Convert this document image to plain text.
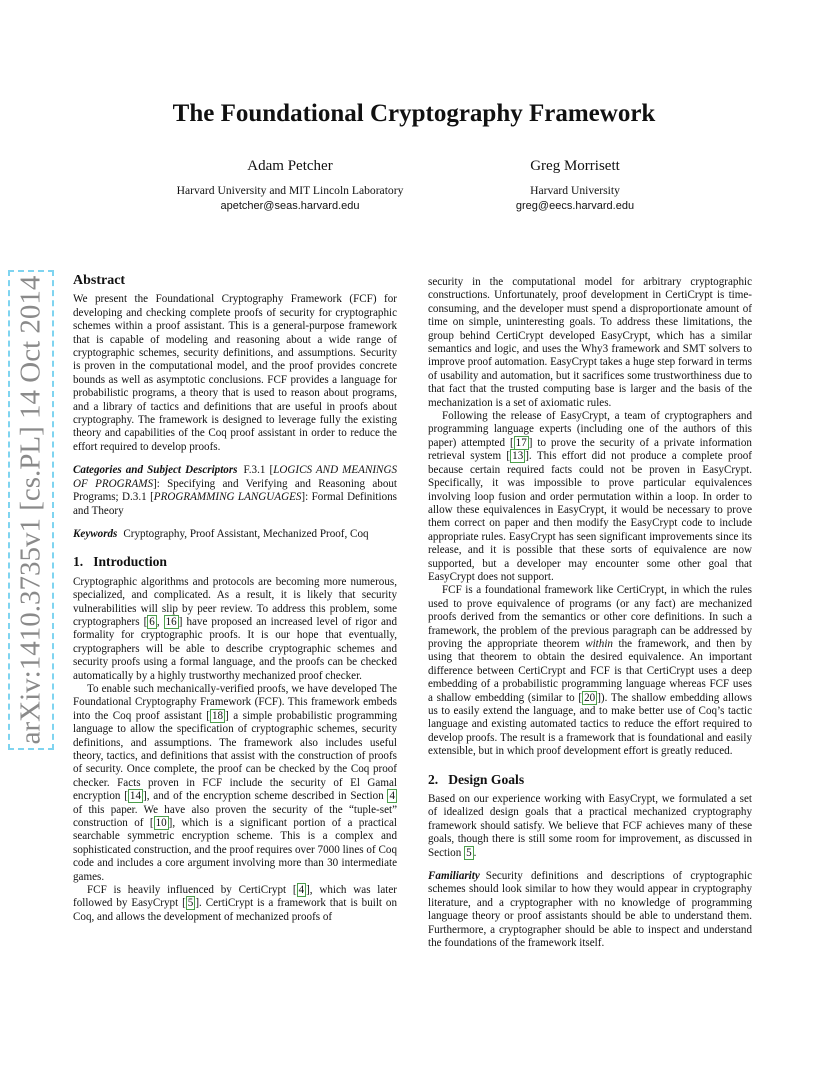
The Foundational Cryptography Framework
Adam Petcher
Harvard University and MIT Lincoln Laboratory
apetcher@seas.harvard.edu
Greg Morrisett
Harvard University
greg@eecs.harvard.edu
arXiv:1410.3735v1 [cs.PL] 14 Oct 2014 Abstract

We present the Foundational Cryptography Framework (FCF) for developing and checking complete proofs of security for cryptographic schemes within a proof assistant. This is a general-purpose framework that is capable of modeling and reasoning about a wide range of cryptographic schemes, security definitions, and assumptions. Security is proven in the computational model, and the proof provides concrete bounds as well as asymptotic conclusions. FCF provides a language for probabilistic programs, a theory that is used to reason about programs, and a library of tactics and definitions that are useful in proofs about cryptography. The framework is designed to leverage fully the existing theory and capabilities of the Coq proof assistant in order to reduce the effort required to develop proofs.

Categories and Subject Descriptors F.3.1 [LOGICS AND MEANINGS OF PROGRAMS]: Specifying and Verifying and Reasoning about Programs; D.3.1 [PROGRAMMING LANGUAGES]: Formal Definitions and Theory

Keywords Cryptography, Proof Assistant, Mechanized Proof, Coq

1. Introduction

Cryptographic algorithms and protocols are becoming more numerous, specialized, and complicated. As a result, it is likely that security vulnerabilities will slip by peer review. To address this problem, some cryptographers [ 6 , 16 ] have proposed an increased level of rigor and formality for cryptographic proofs. It is our hope that eventually, cryptographers will be able to describe cryptographic schemes and security proofs using a formal language, and the proofs can be checked automatically by a highly trustworthy mechanized proof checker.

To enable such mechanically-verified proofs, we have developed The Foundational Cryptography Framework (FCF). This framework embeds into the Coq proof assistant [ 18 ] a simple probabilistic programming language to allow the specification of cryptographic schemes, security definitions, and assumptions. The framework also includes useful theory, tactics, and definitions that assist with the construction of proofs of security. Once complete, the proof can be checked by the Coq proof checker. Facts proven in FCF include the security of El Gamal encryption [ 14 ], and of the encryption scheme described in Section 4 of this paper. We have also proven the security of the “tuple-set” construction of [ 10 ], which is a significant portion of a practical searchable symmetric encryption scheme. This is a complex and sophisticated construction, and the proof requires over 7000 lines of Coq code and includes a core argument involving more than 30 intermediate games.

FCF is heavily influenced by CertiCrypt [ 4 ], which was later followed by EasyCrypt [ 5 ]. CertiCrypt is a framework that is built on Coq, and allows the development of mechanized proofs of

security in the computational model for arbitrary cryptographic constructions. Unfortunately, proof development in CertiCrypt is time-consuming, and the developer must spend a disproportionate amount of time on simple, uninteresting goals. To address these limitations, the group behind CertiCrypt developed EasyCrypt, which has a similar semantics and logic, and uses the Why3 framework and SMT solvers to improve proof automation. EasyCrypt takes a huge step forward in terms of usability and automation, but it sacrifices some trustworthiness due to that fact that the trusted computing base is larger and the basis of the mechanization is a set of axiomatic rules.

Following the release of EasyCrypt, a team of cryptographers and programming language experts (including one of the authors of this paper) attempted [ 17 ] to prove the security of a private information retrieval system [ 13 ]. This effort did not produce a complete proof because certain required facts could not be proven in EasyCrypt. Specifically, it was impossible to prove particular equivalences involving loop fusion and order permutation within a loop. In order to allow these equivalences in EasyCrypt, it would be necessary to prove them correct on paper and then modify the EasyCrypt code to include appropriate rules. EasyCrypt has seen significant improvements since its release, and it is possible that these sorts of equivalence are now supported, but a developer may encounter some other goal that EasyCrypt does not support.

FCF is a foundational framework like CertiCrypt, in which the rules used to prove equivalence of programs (or any fact) are mechanized proofs derived from the semantics or other core definitions. In such a framework, the problem of the previous paragraph can be addressed by proving the appropriate theorem within the framework, and then by using that theorem to obtain the desired equivalence. An important difference between CertiCrypt and FCF is that CertiCrypt uses a deep embedding of a probabilistic programming language whereas FCF uses a shallow embedding (similar to [ 20 ]). The shallow embedding allows us to easily extend the language, and to make better use of Coq’s tactic language and existing automated tactics to reduce the effort required to develop proofs. The result is a framework that is foundational and easily extensible, but in which proof development effort is greatly reduced.

2. Design Goals

Based on our experience working with EasyCrypt, we formulated a set of idealized design goals that a practical mechanized cryptography framework should satisfy. We believe that FCF achieves many of these goals, though there is still some room for improvement, as discussed in Section 5 .

Familiarity Security definitions and descriptions of cryptographic schemes should look similar to how they would appear in cryptography literature, and a cryptographer with no knowledge of programming language theory or proof assistants should be able to understand them. Furthermore, a cryptographer should be able to inspect and understand the foundations of the framework itself.
